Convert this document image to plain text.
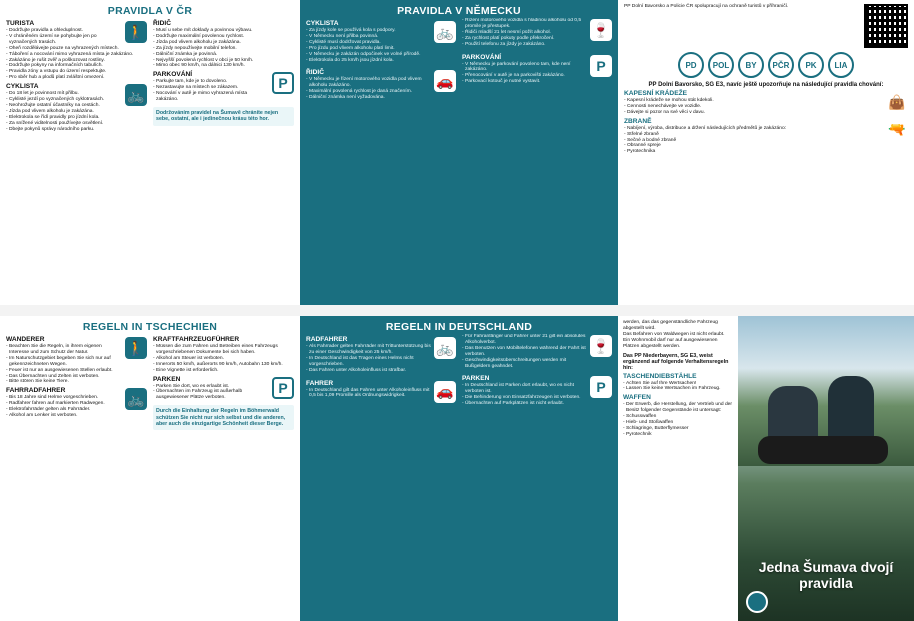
PRAVIDLA V ČR
🚶
TURISTA
- Dodržujte pravidla a ohleduplnost.
- V chráněném území se pohybujte jen po vyznačených trasách.
- Oheň rozdělávejte pouze na vyhrazených místech.
- Táboření a nocování mimo vyhrazená místa je zakázáno.
- Zakázáno je rušit zvěř a poškozovat rostliny.
- Dodržujte pokyny na informačních tabulích.
- Pravidla zóny a vstupu do území respektujte.
- Pro sběr hub a plodů platí zvláštní omezení.
🚲
CYKLISTA
- Do 18 let je povinnost mít přilbu.
- Cyklisté jezdí po vyznačených cyklotrasách.
- Neohrožujte ostatní účastníky na cestách.
- Jízda pod vlivem alkoholu je zakázána.
- Elektrokola se řídí pravidly pro jízdní kola.
- Za snížené viditelnosti používejte osvětlení.
- Dbejte pokynů správy národního parku.
ŘIDIČ
- Musí u sebe mít doklady a povinnou výbavu.
- Dodržujte maximální povolenou rychlost.
- Jízda pod vlivem alkoholu je zakázána.
- Za jízdy nepoužívejte mobilní telefon.
- Dálniční známka je povinná.
- Nejvyšší povolená rychlost v obci je 50 km/h.
- Mimo obec 90 km/h, na dálnici 130 km/h.
P
PARKOVÁNÍ
- Parkujte tam, kde je to dovoleno.
- Nezastavujte na místech se zákazem.
- Nocování v autě je mimo vyhrazená místa zakázáno.
Dodržováním pravidel na Šumavě chráníte nejen sebe, ostatní, ale i jedinečnou krásu této hor.
PRAVIDLA V NĚMECKU
🚲
CYKLISTA
- Za jízdy kole se používá kola s podpory.
- V Německu není přilba povinná.
- Cyklisté musí dodržovat pravidla.
- Pro jízdu pod vlivem alkoholu platí limit.
- V Německu je zakázán odpočinek ve volné přírodě.
- Elektrokola do 25 km/h jsou jízdní kola.
🚗
ŘIDIČ
- V Německu je řízení motorového vozidla pod vlivem alkoholu zakázáno.
- Maximální povolená rychlost je daná značením.
- Dálniční známka není vyžadována.
🍷
- Řízení motorového vozidla s hladinou alkoholu od 0,5 promile je přestupek.
- Řidiči mladší 21 let nesmí požít alkohol.
- Za rychlost platí pokuty podle překročení.
- Použití telefonu za jízdy je zakázáno.
P
PARKOVÁNÍ
- V Německu je parkování povoleno tam, kde není zakázáno.
- Přenocování v autě je na parkovišti zakázáno.
- Parkovací kotouč je nutné vystavit.
PP Dolní Bavorsko a Policie ČR spolupracují na ochraně turistů v příhraničí.
PD	POL	BY	PČR	PK	LIA
PP Dolní Bavorsko, SG E3, navíc ještě upozorňuje na následující pravidla chování:
👜
KAPESNÍ KRÁDEŽE
- Kapesní krádeže se mohou stát kdekoli.
- Cennosti nenechávejte ve vozidle.
- Dávejte si pozor na své věci v davu.
🔫
ZBRANĚ
- Nabíjení, výroba, distribuce a držení následujících předmětů je zakázáno:
- Střelné zbraně
- Sečné a bodné zbraně
- Obranné spreje
- Pyrotechnika
REGELN IN TSCHECHIEN
🚶
WANDERER
- Beachten Sie die Regeln, in ihrem eigenen Interesse und zum Schutz der Natur.
- Im Naturschutzgebiet begeben Sie sich nur auf gekennzeichneten Wegen.
- Feuer ist nur an ausgewiesenen Stellen erlaubt.
- Das Übernachten und Zelten ist verboten.
- Bitte stören Sie keine Tiere.
🚲
FAHRRADFAHRER
- Bis 18 Jahre sind Helme vorgeschrieben.
- Radfahrer fahren auf markierten Radwegen.
- Elektrofahrräder gelten als Fahrräder.
- Alkohol am Lenker ist verboten.
KRAFTFAHRZEUGFÜHRER
- Müssen die zum Fahren und Betreiben eines Fahrzeugs vorgeschriebenen Dokumente bei sich haben.
- Alkohol am Steuer ist verboten.
- Innerorts 50 km/h, außerorts 90 km/h, Autobahn 130 km/h.
- Eine Vignette ist erforderlich.
P
PARKEN
- Parken Sie dort, wo es erlaubt ist.
- Übernachten im Fahrzeug ist außerhalb ausgewiesener Plätze verboten.
Durch die Einhaltung der Regeln im Böhmerwald schützen Sie nicht nur sich selbst und die anderen, aber auch die einzigartige Schönheit dieser Berge.
REGELN IN DEUTSCHLAND
🚲
RADFAHRER
- Als Fahrrader gelten Fahrräder mit Trittunterstützung bis zu einer Geschwindigkeit von 25 km/h.
- In Deutschland ist das Tragen eines Helms nicht vorgeschrieben.
- Das Fahren unter Alkoholeinfluss ist strafbar.
🚗
FAHRER
- In Deutschland gilt das Fahren unter Alkoholeinfluss mit 0,5 bis 1,09 Promille als Ordnungswidrigkeit.
🍷
- Für Fahranfänger und Fahrer unter 21 gilt ein absolutes Alkoholverbot.
- Das Benutzen von Mobiltelefonen während der Fahrt ist verboten.
- Geschwindigkeitsüberschreitungen werden mit Bußgeldern geahndet.
P
PARKEN
- In Deutschland ist Parken dort erlaubt, wo es nicht verboten ist.
- Die Behinderung von Einsatzfahrzeugen ist verboten.
- Übernachten auf Parkplätzen ist nicht erlaubt.
werden, das das gegenständliche Fahrzeug abgestellt wird.
Das Befahren von Waldwegen ist nicht erlaubt.
Ein Wohnmobil darf nur auf ausgewiesenen Plätzen abgestellt werden.
Das PP Niederbayern, SG E3, weist ergänzend auf folgende Verhaltensregeln hin:
TASCHENDIEBSTÄHLE
- Achten Sie auf Ihre Wertsachen!
- Lassen Sie keine Wertsachen im Fahrzeug.
WAFFEN
- Der Erwerb, die Herstellung, der Vertrieb und der Besitz folgender Gegenstände ist untersagt:
- Schusswaffen
- Hieb- und Stoßwaffen
- Schlagringe, Butterflymesser
- Pyrotechnik
Jedna Šumava dvojí pravidla
